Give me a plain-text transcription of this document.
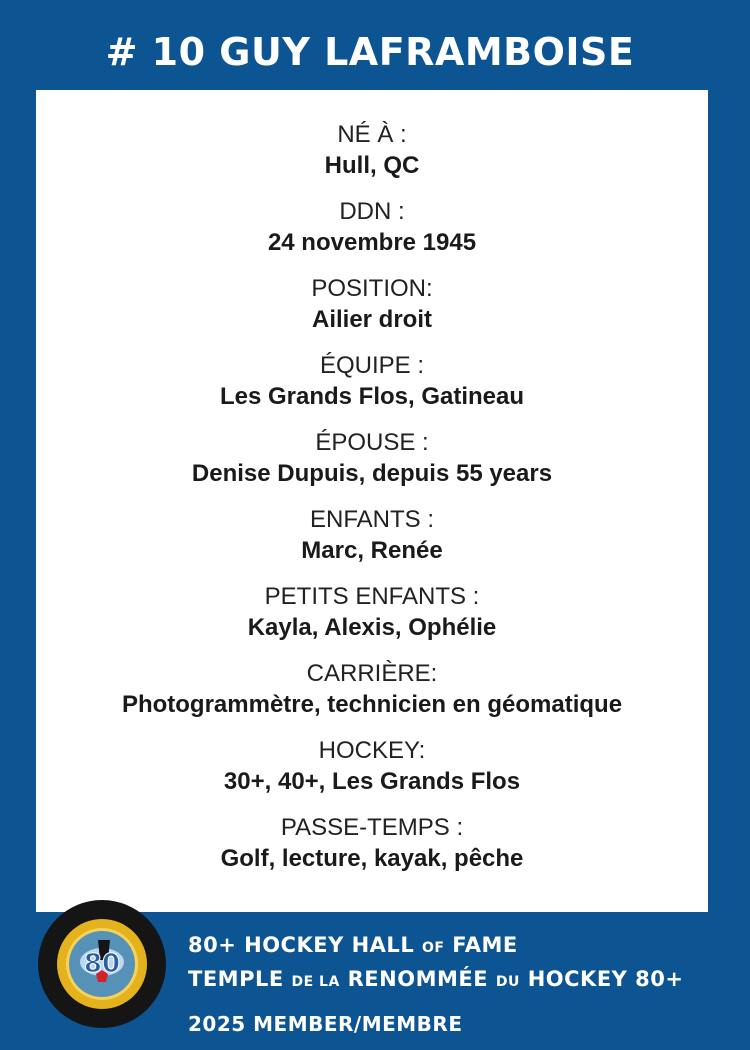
# 10 GUY LAFRAMBOISE
NÉ À :
Hull, QC
DDN :
24 novembre 1945
POSITION:
Ailier droit
ÉQUIPE :
Les Grands Flos, Gatineau
ÉPOUSE :
Denise Dupuis, depuis 55 years
ENFANTS :
Marc, Renée
PETITS ENFANTS :
Kayla, Alexis, Ophélie
CARRIÈRE:
Photogrammètre, technicien en géomatique
HOCKEY:
30+, 40+, Les Grands Flos
PASSE-TEMPS :
Golf, lecture, kayak, pêche
80
80+ HOCKEY HALL OF FAME
TEMPLE DE LA RENOMMÉE DU HOCKEY 80+
2025 MEMBER/MEMBRE
